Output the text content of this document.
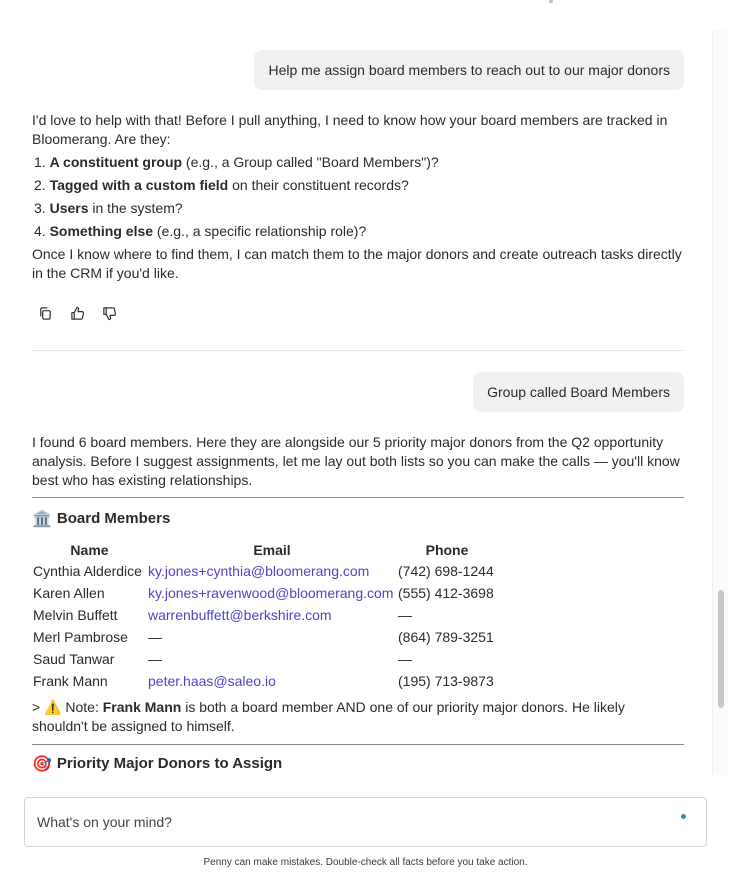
Help me assign board members to reach out to our major donors

I'd love to help with that! Before I pull anything, I need to know how your board members are tracked in Bloomerang. Are they:

1. A constituent group (e.g., a Group called "Board Members")?
2. Tagged with a custom field on their constituent records?
3. Users in the system?
4. Something else (e.g., a specific relationship role)?

Once I know where to find them, I can match them to the major donors and create outreach tasks directly in the CRM if you'd like.

Group called Board Members

I found 6 board members. Here they are alongside our 5 priority major donors from the Q2 opportunity analysis. Before I suggest assignments, let me lay out both lists so you can make the calls — you'll know best who has existing relationships.

🏛️ Board Members
Name	Email	Phone
Cynthia Alderdice	ky.jones+cynthia@bloomerang.com	(742) 698-1244
Karen Allen	ky.jones+ravenwood@bloomerang.com	(555) 412-3698
Melvin Buffett	warrenbuffett@berkshire.com	—
Merl Pambrose	—	(864) 789-3251
Saud Tanwar	—	—
Frank Mann	peter.haas@saleo.io	(195) 713-9873
> ⚠️ Note: Frank Mann is both a board member AND one of our priority major donors. He likely shouldn't be assigned to himself.
🎯 Priority Major Donors to Assign
What's on your mind?
Penny can make mistakes. Double-check all facts before you take action.
